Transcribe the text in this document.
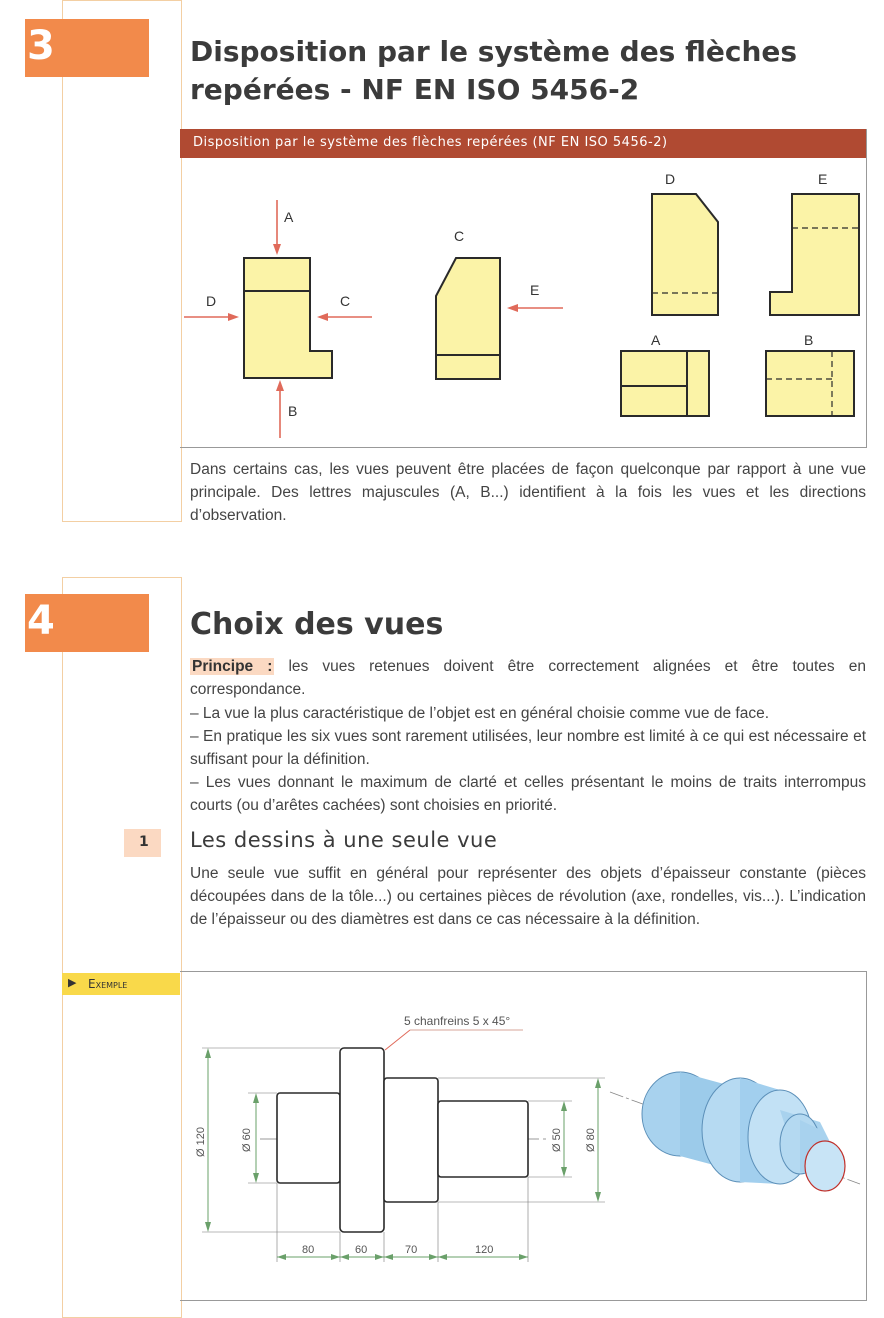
3	Disposition par le système des flèches
repérées - NF EN ISO 5456-2
Disposition par le système des flèches repérées (NF EN ISO 5456-2)
A
B
D	C
C
E
D	E
A	B
Dans certains cas, les vues peuvent être placées de façon quelconque par rapport à une vue principale. Des lettres majuscules (A, B...) identifient à la fois les vues et les directions d’observation.
4	Choix des vues
Principe : les vues retenues doivent être correctement alignées et être toutes en correspondance.
– La vue la plus caractéristique de l’objet est en général choisie comme vue de face.
– En pratique les six vues sont rarement utilisées, leur nombre est limité à ce qui est nécessaire et suffisant pour la définition.
– Les vues donnant le maximum de clarté et celles présentant le moins de traits interrompus courts (ou d’arêtes cachées) sont choisies en priorité.
1 Les dessins à une seule vue
Une seule vue suffit en général pour représenter des objets d’épaisseur constante (pièces découpées dans de la tôle...) ou certaines pièces de révolution (axe, rondelles, vis...). L’indication de l’épaisseur ou des diamètres est dans ce cas nécessaire à la définition.
▶ Exemple
5 chanfreins 5 x 45°
Ø 120	Ø 60	Ø 50 Ø 80
80	60	70	120
